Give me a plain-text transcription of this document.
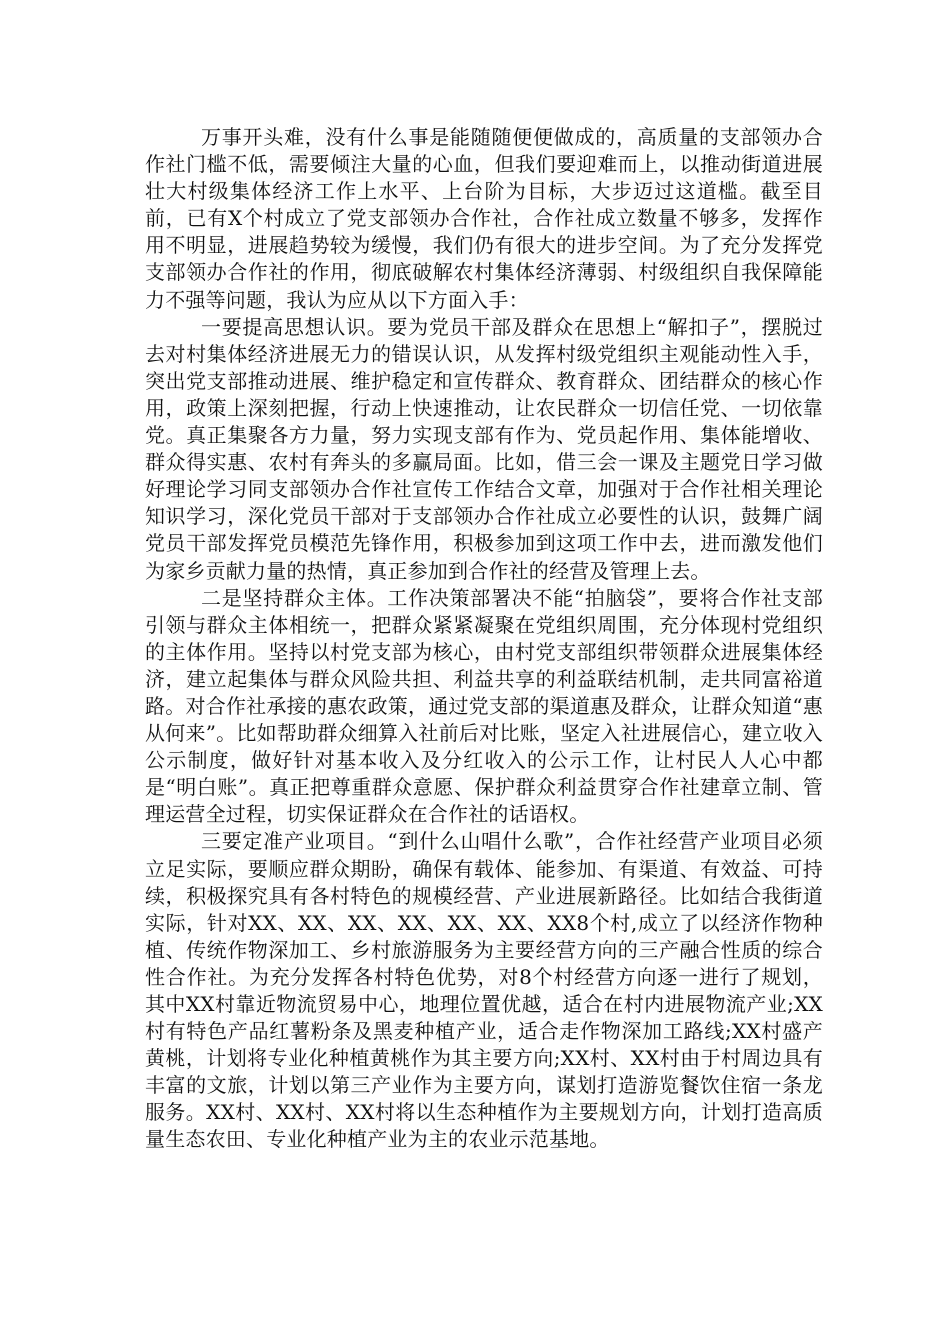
万事开头难，没有什么事是能随随便便做成的，高质量的支部领办合作社门槛不低，需要倾注大量的心血，但我们要迎难而上，以推动街道进展壮大村级集体经济工作上水平、上台阶为目标，大步迈过这道槛。截至目前，已有X个村成立了党支部领办合作社，合作社成立数量不够多，发挥作用不明显，进展趋势较为缓慢，我们仍有很大的进步空间。为了充分发挥党支部领办合作社的作用，彻底破解农村集体经济薄弱、村级组织自我保障能力不强等问题，我认为应从以下方面入手：

一要提高思想认识。要为党员干部及群众在思想上“解扣子”，摆脱过去对村集体经济进展无力的错误认识，从发挥村级党组织主观能动性入手，突出党支部推动进展、维护稳定和宣传群众、教育群众、团结群众的核心作用，政策上深刻把握，行动上快速推动，让农民群众一切信任党、一切依靠党。真正集聚各方力量，努力实现支部有作为、党员起作用、集体能增收、群众得实惠、农村有奔头的多赢局面。比如，借三会一课及主题党日学习做好理论学习同支部领办合作社宣传工作结合文章，加强对于合作社相关理论知识学习，深化党员干部对于支部领办合作社成立必要性的认识，鼓舞广阔党员干部发挥党员模范先锋作用，积极参加到这项工作中去，进而激发他们为家乡贡献力量的热情，真正参加到合作社的经营及管理上去。

二是坚持群众主体。工作决策部署决不能“拍脑袋”，要将合作社支部引领与群众主体相统一，把群众紧紧凝聚在党组织周围，充分体现村党组织的主体作用。坚持以村党支部为核心，由村党支部组织带领群众进展集体经济，建立起集体与群众风险共担、利益共享的利益联结机制，走共同富裕道路。对合作社承接的惠农政策，通过党支部的渠道惠及群众，让群众知道“惠从何来”。比如帮助群众细算入社前后对比账，坚定入社进展信心，建立收入公示制度，做好针对基本收入及分红收入的公示工作，让村民人人心中都是“明白账”。真正把尊重群众意愿、保护群众利益贯穿合作社建章立制、管理运营全过程，切实保证群众在合作社的话语权。

三要定准产业项目。“到什么山唱什么歌”，合作社经营产业项目必须立足实际，要顺应群众期盼，确保有载体、能参加、有渠道、有效益、可持续，积极探究具有各村特色的规模经营、产业进展新路径。比如结合我街道实际，针对XX、XX、XX、XX、XX、XX、XX8个村,成立了以经济作物种植、传统作物深加工、乡村旅游服务为主要经营方向的三产融合性质的综合性合作社。为充分发挥各村特色优势，对8个村经营方向逐一进行了规划，其中XX村靠近物流贸易中心，地理位置优越，适合在村内进展物流产业;XX村有特色产品红薯粉条及黑麦种植产业，适合走作物深加工路线;XX村盛产黄桃，计划将专业化种植黄桃作为其主要方向;XX村、XX村由于村周边具有丰富的文旅，计划以第三产业作为主要方向，谋划打造游览餐饮住宿一条龙服务。XX村、XX村、XX村将以生态种植作为主要规划方向，计划打造高质量生态农田、专业化种植产业为主的农业示范基地。
